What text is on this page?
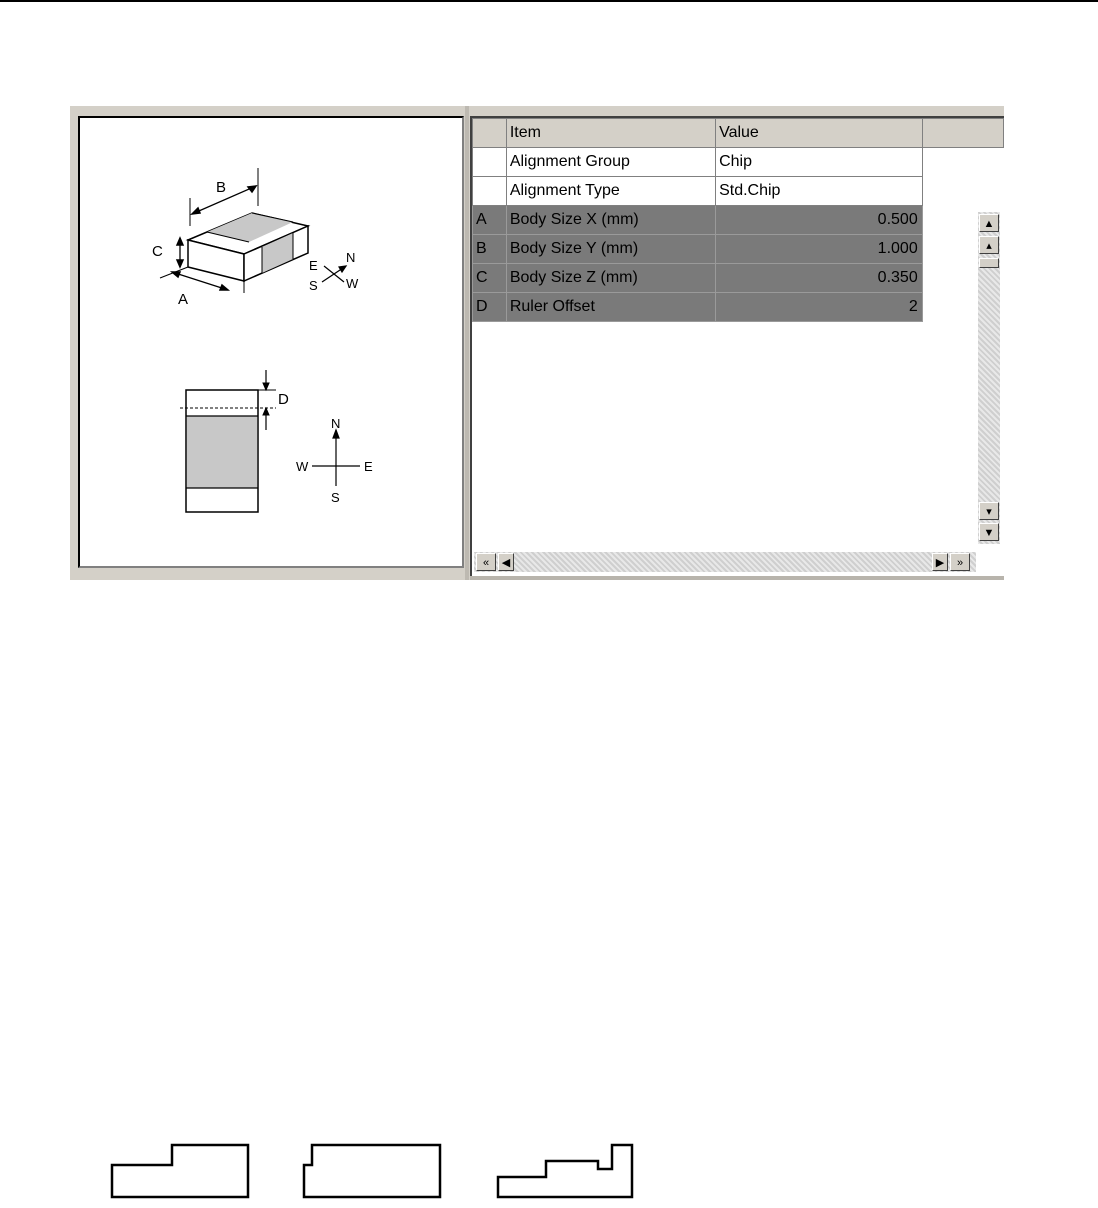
B
C
A
E
N
S W
D
N
W	E
S
	Item	Value	
	Alignment Group	Chip	
	Alignment Type	Std.Chip	
A	Body Size X (mm)	0.500	
B	Body Size Y (mm)	1.000	
C	Body Size Z (mm)	0.350	
D	Ruler Offset	2	
▲
▴
▾
▼
«	◀	▶	»
